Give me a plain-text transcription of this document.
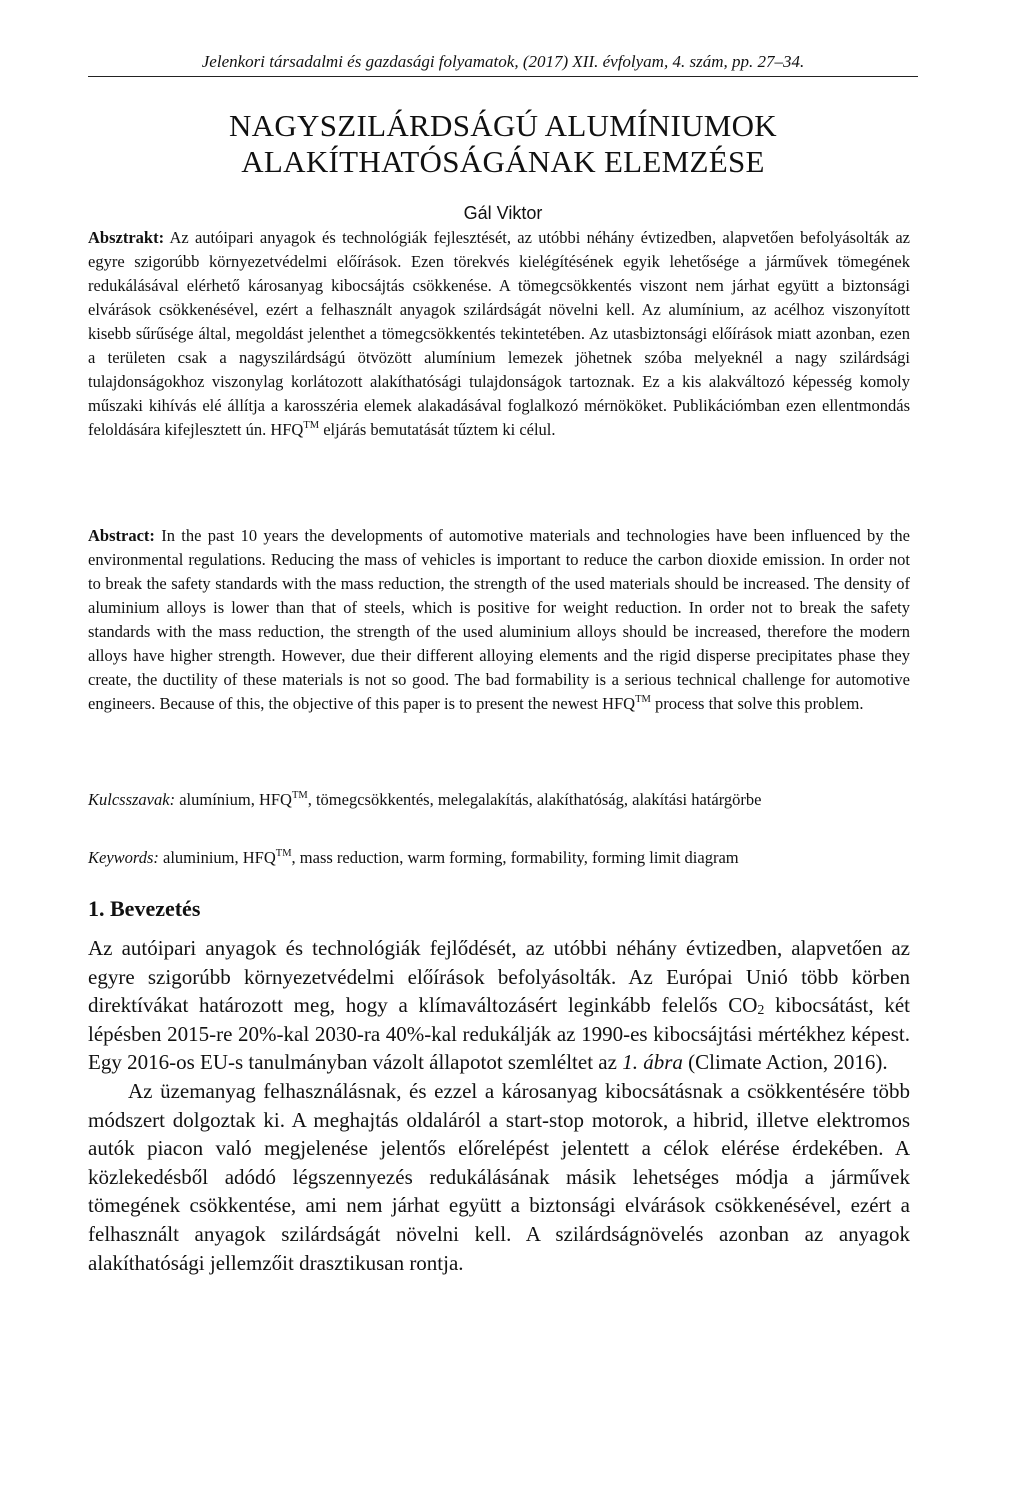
Jelenkori társadalmi és gazdasági folyamatok, (2017) XII. évfolyam, 4. szám, pp. 27–34.
NAGYSZILÁRDSÁGÚ ALUMÍNIUMOK
ALAKÍTHATÓSÁGÁNAK ELEMZÉSE
Gál Viktor

Absztrakt: Az autóipari anyagok és technológiák fejlesztését, az utóbbi néhány évtizedben, alapvetően befolyásolták az egyre szigorúbb környezetvédelmi előírások. Ezen törekvés kielégítésének egyik lehetősége a járművek tömegének redukálásával elérhető károsanyag kibocsájtás csökkenése. A tömegcsökkentés viszont nem járhat együtt a biztonsági elvárások csökkenésével, ezért a felhasznált anyagok szilárdságát növelni kell. Az alumínium, az acélhoz viszonyított kisebb sűrűsége által, megoldást jelenthet a tömegcsökkentés tekintetében. Az utasbiztonsági előírások miatt azonban, ezen a területen csak a nagyszilárdságú ötvözött alumínium lemezek jöhetnek szóba melyeknél a nagy szilárdsági tulajdonságokhoz viszonylag korlátozott alakíthatósági tulajdonságok tartoznak. Ez a kis alakváltozó képesség komoly műszaki kihívás elé állítja a karosszéria elemek alakadásával foglalkozó mérnököket. Publikációmban ezen ellentmondás feloldására kifejlesztett ún. HFQ™ eljárás bemutatását tűztem ki célul.

Abstract: In the past 10 years the developments of automotive materials and technologies have been influenced by the environmental regulations. Reducing the mass of vehicles is important to reduce the carbon dioxide emission. In order not to break the safety standards with the mass reduction, the strength of the used materials should be increased. The density of aluminium alloys is lower than that of steels, which is positive for weight reduction. In order not to break the safety standards with the mass reduction, the strength of the used aluminium alloys should be increased, therefore the modern alloys have higher strength. However, due their different alloying elements and the rigid disperse precipitates phase they create, the ductility of these materials is not so good. The bad formability is a serious technical challenge for automotive engineers. Because of this, the objective of this paper is to present the newest HFQ™ process that solve this problem.

Kulcsszavak: alumínium, HFQ™, tömegcsökkentés, melegalakítás, alakíthatóság, alakítási határgörbe

Keywords: aluminium, HFQ™, mass reduction, warm forming, formability, forming limit diagram

1. Bevezetés

Az autóipari anyagok és technológiák fejlődését, az utóbbi néhány évtizedben, alapvetően az egyre szigorúbb környezetvédelmi előírások befolyásolták. Az Európai Unió több körben direktívákat határozott meg, hogy a klímaváltozásért leginkább felelős $CO_2$ kibocsátást, két lépésben 2015-re 20%-kal 2030-ra 40%-kal redukálják az 1990-es kibocsájtási mértékhez képest. Egy 2016-os EU-s tanulmányban vázolt állapotot szemléltet az 1. ábra (Climate Action, 2016).

Az üzemanyag felhasználásnak, és ezzel a károsanyag kibocsátásnak a csökkentésére több módszert dolgoztak ki. A meghajtás oldaláról a start-stop motorok, a hibrid, illetve elektromos autók piacon való megjelenése jelentős előrelépést jelentett a célok elérése érdekében. A közlekedésből adódó légszennyezés redukálásának másik lehetséges módja a járművek tömegének csökkentése, ami nem járhat együtt a biztonsági elvárások csökkenésével, ezért a felhasznált anyagok szilárdságát növelni kell. A szilárdságnövelés azonban az anyagok alakíthatósági jellemzőit drasztikusan rontja.
